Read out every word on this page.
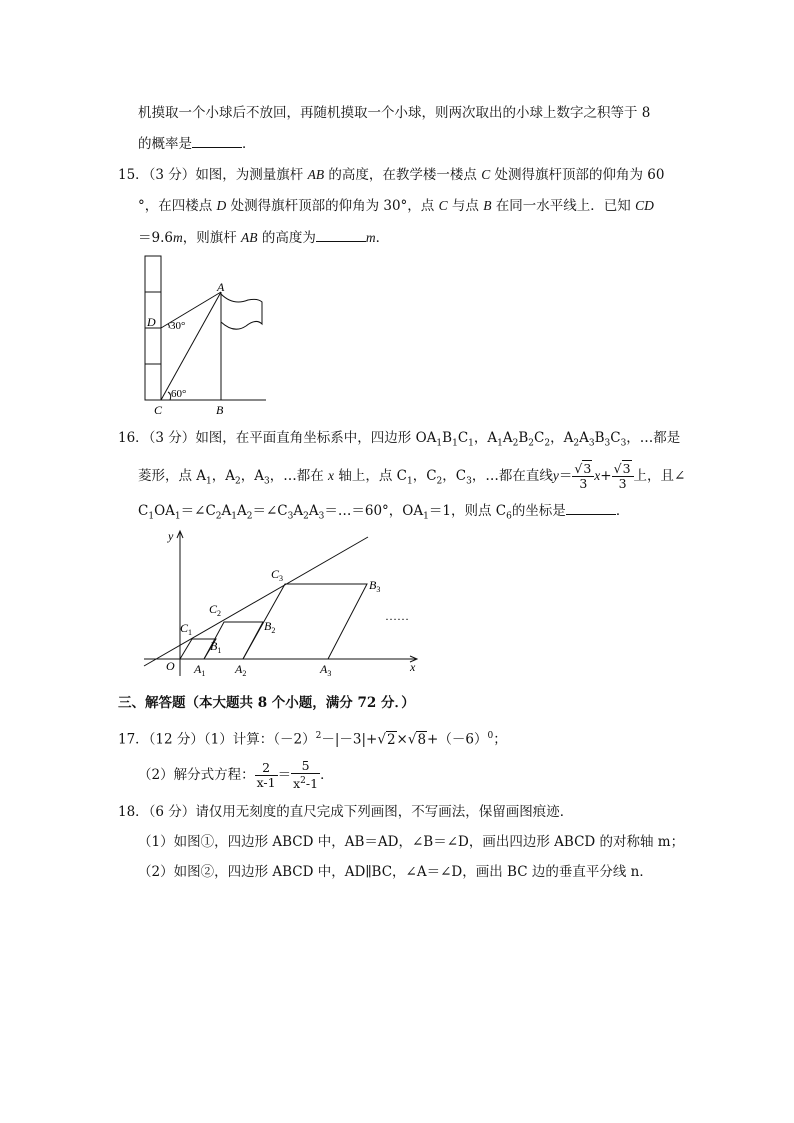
机摸取一个小球后不放回，再随机摸取一个小球，则两次取出的小球上数字之积等于 8
的概率是	．
15．（3 分）如图，为测量旗杆 AB 的高度，在教学楼一楼点 C 处测得旗杆顶部的仰角为 60
°，在四楼点 D 处测得旗杆顶部的仰角为 30°，点 C 与点 B 在同一水平线上．已知 CD
＝9.6m，则旗杆 AB 的高度为	m．
A
D 30°
60°
C	B
16．（3 分）如图，在平面直角坐标系中，四边形 $OA_1B_1C_1$，$A_1A_2B_2C_2$，$A_2A_3B_3C_3$，…都是
菱形，点 $A_1$，$A_2$，$A_3$，…都在 x 轴上，点 $C_1$，$C_2$，$C_3$，…都在直线$y= \frac{√3}{3} x+ \frac{√3}{3}$ 上，且∠
$C_1OA_1=\angle C_2A_1A_2=\angle C_3A_2A_3=\dots=60^\circ$，$OA_1=1$，则点 $C_6$的坐标是	．
y
x
O
$C_1$
$B_1$
$A_1$
$C_2$
$B_2$
$A_2$
$C_3$	$B_3$
$A_3$
……
三、解答题（本大题共 8 个小题，满分 72 分．）
17．（12 分）（1）计算：$(-2)^2-|-3|+√2\times√8+(-6)^0$；
（2）解分式方程： $\frac{2}{x-1} = \frac{5}{x^2-1}$ ．
18．（6 分）请仅用无刻度的直尺完成下列画图，不写画法，保留画图痕迹．
（1）如图①，四边形 ABCD 中，AB＝AD，∠B＝∠D，画出四边形 ABCD 的对称轴 m；
（2）如图②，四边形 ABCD 中，AD∥BC，∠A＝∠D，画出 BC 边的垂直平分线 n．
